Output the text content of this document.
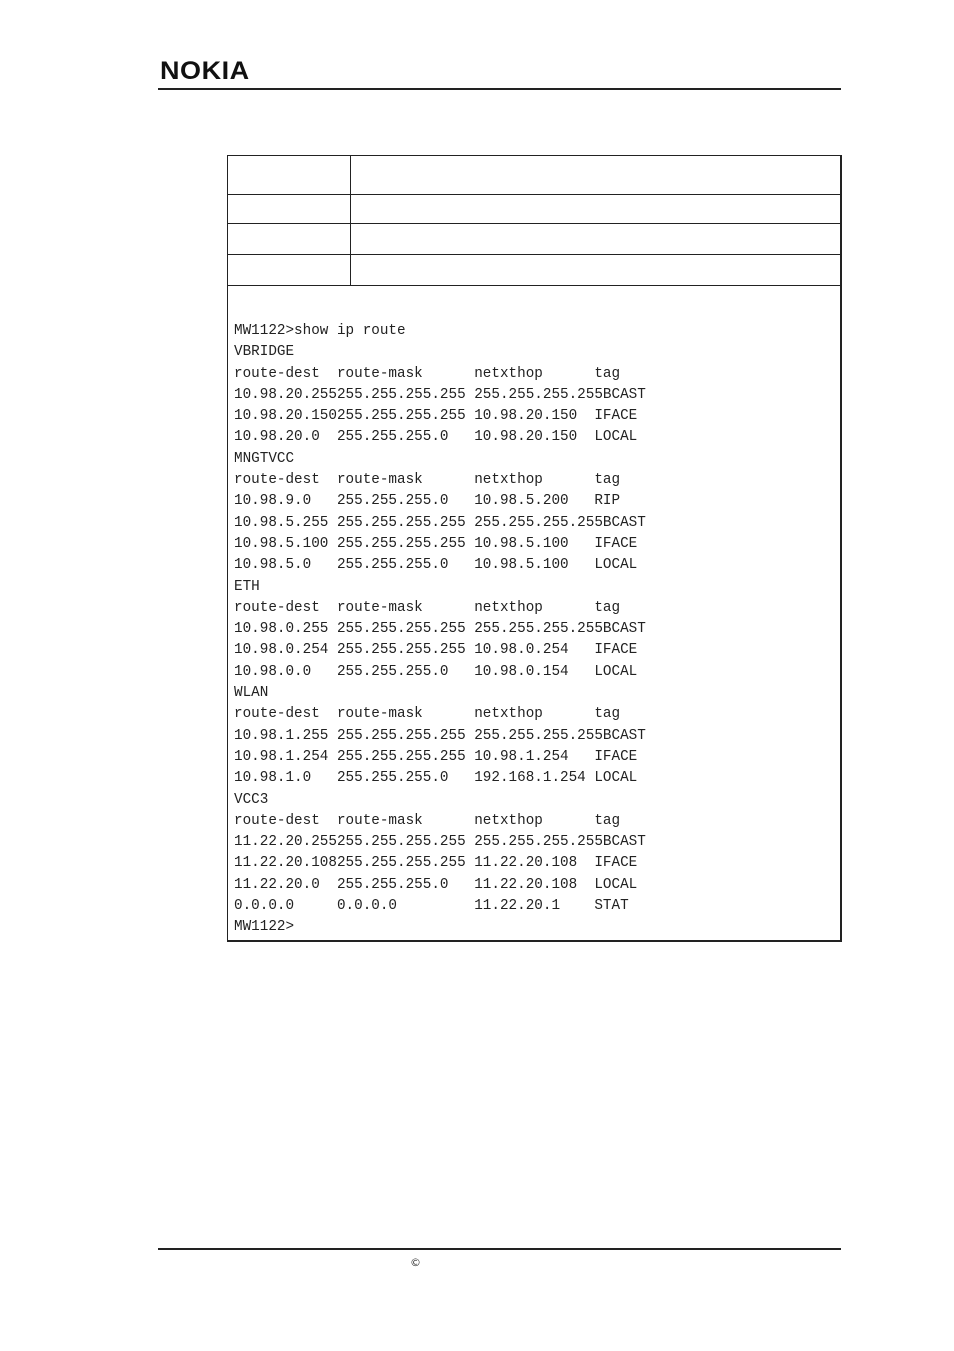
NOKIA
MW1122>show ip route
VBRIDGE
route-dest  route-mask      netxthop      tag
10.98.20.255255.255.255.255 255.255.255.255BCAST
10.98.20.150255.255.255.255 10.98.20.150  IFACE
10.98.20.0  255.255.255.0   10.98.20.150  LOCAL
MNGTVCC
route-dest  route-mask      netxthop      tag
10.98.9.0   255.255.255.0   10.98.5.200   RIP
10.98.5.255 255.255.255.255 255.255.255.255BCAST
10.98.5.100 255.255.255.255 10.98.5.100   IFACE
10.98.5.0   255.255.255.0   10.98.5.100   LOCAL
ETH
route-dest  route-mask      netxthop      tag
10.98.0.255 255.255.255.255 255.255.255.255BCAST
10.98.0.254 255.255.255.255 10.98.0.254   IFACE
10.98.0.0   255.255.255.0   10.98.0.154   LOCAL
WLAN
route-dest  route-mask      netxthop      tag
10.98.1.255 255.255.255.255 255.255.255.255BCAST
10.98.1.254 255.255.255.255 10.98.1.254   IFACE
10.98.1.0   255.255.255.0   192.168.1.254 LOCAL
VCC3
route-dest  route-mask      netxthop      tag
11.22.20.255255.255.255.255 255.255.255.255BCAST
11.22.20.108255.255.255.255 11.22.20.108  IFACE
11.22.20.0  255.255.255.0   11.22.20.108  LOCAL
0.0.0.0     0.0.0.0         11.22.20.1    STAT
MW1122>
©
